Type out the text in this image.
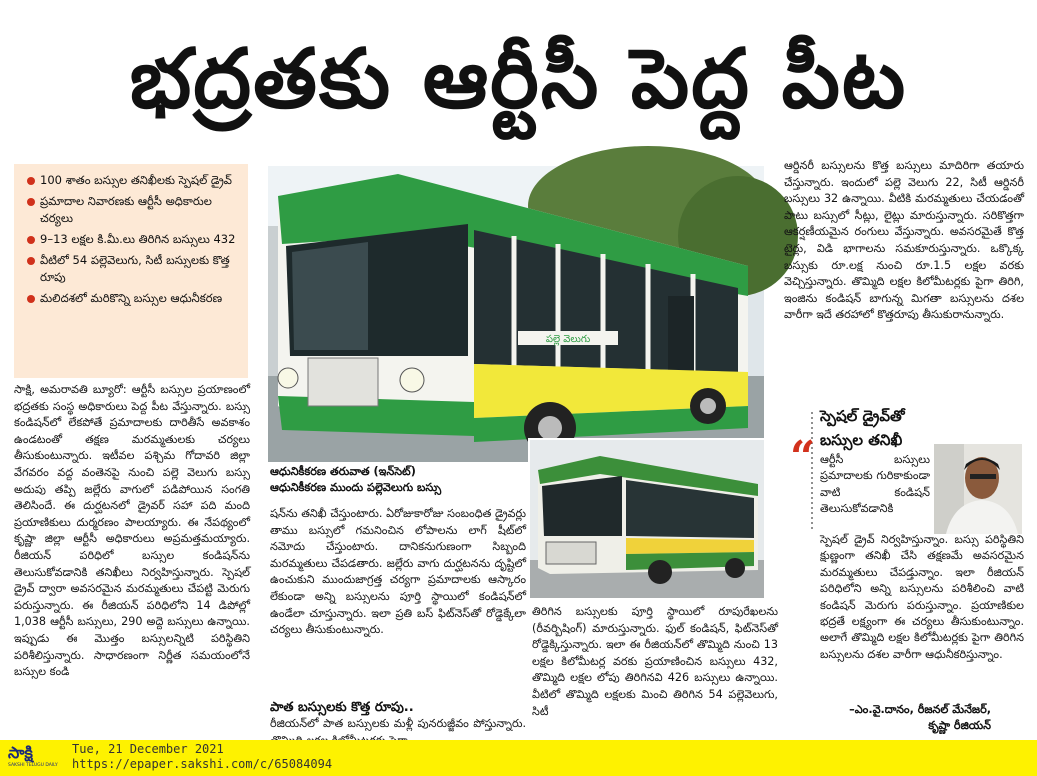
భద్రతకు ఆర్టీసీ పెద్ద పీట
100 శాతం బస్సుల తనిఖీలకు స్పెషల్ డ్రైవ్
ప్రమాదాల నివారణకు ఆర్టీసీ అధికారుల చర్యలు
9–13 లక్షల కి.మీ.లు తిరిగిన బస్సులు 432
వీటిలో 54 పల్లెవెలుగు, సిటీ బస్సులకు కొత్త రూపు
మలిదశలో మరికొన్ని బస్సుల ఆధునీకరణ

సాక్షి, అమరావతి బ్యూరో: ఆర్టీసీ బస్సుల ప్రయాణంలో భద్రతకు సంస్థ అధికారులు పెద్ద పీట వేస్తున్నారు. బస్సు కండిషన్‌లో లేకపోతే ప్రమాదాలకు దారితీసే అవకాశం ఉండటంతో తక్షణ మరమ్మతులకు చర్యలు తీసుకుంటున్నారు. ఇటీవల పశ్చిమ గోదావరి జిల్లా వేగవరం వద్ద వంతెనపై నుంచి పల్లె వెలుగు బస్సు అదుపు తప్పి జల్లేరు వాగులో పడిపోయిన సంగతి తెలిసిందే. ఈ దుర్ఘటనలో డ్రైవర్ సహా పది మంది ప్రయాణికులు దుర్మరణం పాలయ్యారు. ఈ నేపథ్యంలో కృష్ణా జిల్లా ఆర్టీసీ అధికారులు అప్రమత్తమయ్యారు. రీజియన్ పరిధిలో బస్సుల కండిషన్‌ను తెలుసుకోవడానికి తనిఖీలు నిర్వహిస్తున్నారు. స్పెషల్ డ్రైవ్ ద్వారా అవసరమైన మరమ్మతులు చేపట్టి మెరుగు పరుస్తున్నారు. ఈ రీజియన్ పరిధిలోని 14 డిపోల్లో 1,038 ఆర్టీసీ బస్సులు, 290 అద్దె బస్సులు ఉన్నాయి. ఇప్పుడు ఈ మొత్తం బస్సులన్నిటి పరిస్థితిని పరిశీలిస్తున్నారు. సాధారణంగా నిర్ణీత సమయంలోనే బస్సుల కండి

పల్లె వెలుగు
ఆధునికీకరణ తరువాత (ఇన్‌సెట్)
ఆధునికీకరణ ముందు పల్లెవెలుగు బస్సు

షన్‌ను తనిఖీ చేస్తుంటారు. ఏరోజుకారోజు సంబంధిత డ్రైవర్లు తాము బస్సులో గమనించిన లోపాలను లాగ్ షీట్‌లో నమోదు చేస్తుంటారు. దానికనుగుణంగా సిబ్బంది మరమ్మతులు చేపడతారు. జల్లేరు వాగు దుర్ఘటనను దృష్టిలో ఉంచుకుని ముందుజాగ్రత్త చర్యగా ప్రమాదాలకు ఆస్కారం లేకుండా అన్ని బస్సులను పూర్తి స్థాయిలో కండిషన్‌లో ఉండేలా చూస్తున్నారు. ఇలా ప్రతి బస్ ఫిట్‌నెస్‌తో రోడ్డెక్కేలా చర్యలు తీసుకుంటున్నారు.

పాత బస్సులకు కొత్త రూపు..

రీజియన్‌లో పాత బస్సులకు మళ్లీ పునరుజ్జీవం పోస్తున్నారు.

తిరిగిన బస్సులకు పూర్తి స్థాయిలో రూపురేఖలను (రీవర్బిషింగ్) మారుస్తున్నారు. ఫుల్ కండిషన్, ఫిట్‌నెస్‌తో రోడ్డెక్కిస్తున్నారు. ఇలా ఈ రీజియన్‌లో తొమ్మిది నుంచి 13 లక్షల కిలోమీటర్ల వరకు ప్రయాణించిన బస్సులు 432, తొమ్మిది లక్షల లోపు తిరిగినవి 426 బస్సులు ఉన్నాయి. వీటిలో తొమ్మిది లక్షలకు మించి తిరిగిన 54 పల్లెవెలుగు, సిటీ

ఆర్డినరీ బస్సులను కొత్త బస్సులు మాదిరిగా తయారు చేస్తున్నారు. ఇందులో పల్లె వెలుగు 22, సిటీ ఆర్డినరీ బస్సులు 32 ఉన్నాయి. వీటికి మరమ్మతులు చేయడంతో పాటు బస్సులో సీట్లు, లైట్లు మారుస్తున్నారు. సరికొత్తగా ఆకర్షణీయమైన రంగులు వేస్తున్నారు. అవసరమైతే కొత్త టైర్లు, విడి భాగాలను సమకూరుస్తున్నారు. ఒక్కొక్క బస్సుకు రూ.లక్ష నుంచి రూ.1.5 లక్షల వరకు వెచ్చిస్తున్నారు. తొమ్మిది లక్షల కిలోమీటర్లకు పైగా తిరిగి, ఇంజిను కండిషన్ బాగున్న మిగతా బస్సులను దశల వారీగా ఇదే తరహాలో కొత్తరూపు తీసుకురానున్నారు.

“
స్పెషల్ డ్రైవ్‌తో
బస్సుల తనిఖీ

ఆర్టీసీ బస్సులు ప్రమాదాలకు గురికాకుండా వాటి కండిషన్ తెలుసుకోవడానికి

స్పెషల్ డ్రైవ్ నిర్వహిస్తున్నాం. బస్సు పరిస్థితిని క్షుణ్ణంగా తనిఖీ చేసి తక్షణమే అవసరమైన మరమ్మతులు చేపడ్తున్నాం. ఇలా రీజియన్ పరిధిలోని అన్ని బస్సులను పరిశీలించి వాటి కండిషన్ మెరుగు పరుస్తున్నాం. ప్రయాణికుల భద్రతే లక్ష్యంగా ఈ చర్యలు తీసుకుంటున్నాం. అలాగే తొమ్మిది లక్షల కిలోమీటర్లకు పైగా తిరిగిన బస్సులను దశల వారీగా ఆధునీకరిస్తున్నాం.

–ఎం.వై.దానం, రీజనల్ మేనేజర్,
కృష్ణా రీజియన్
సాక్షి
SAKSHI TELUGU DAILY
Tue, 21 December 2021
https://epaper.sakshi.com/c/65084094
